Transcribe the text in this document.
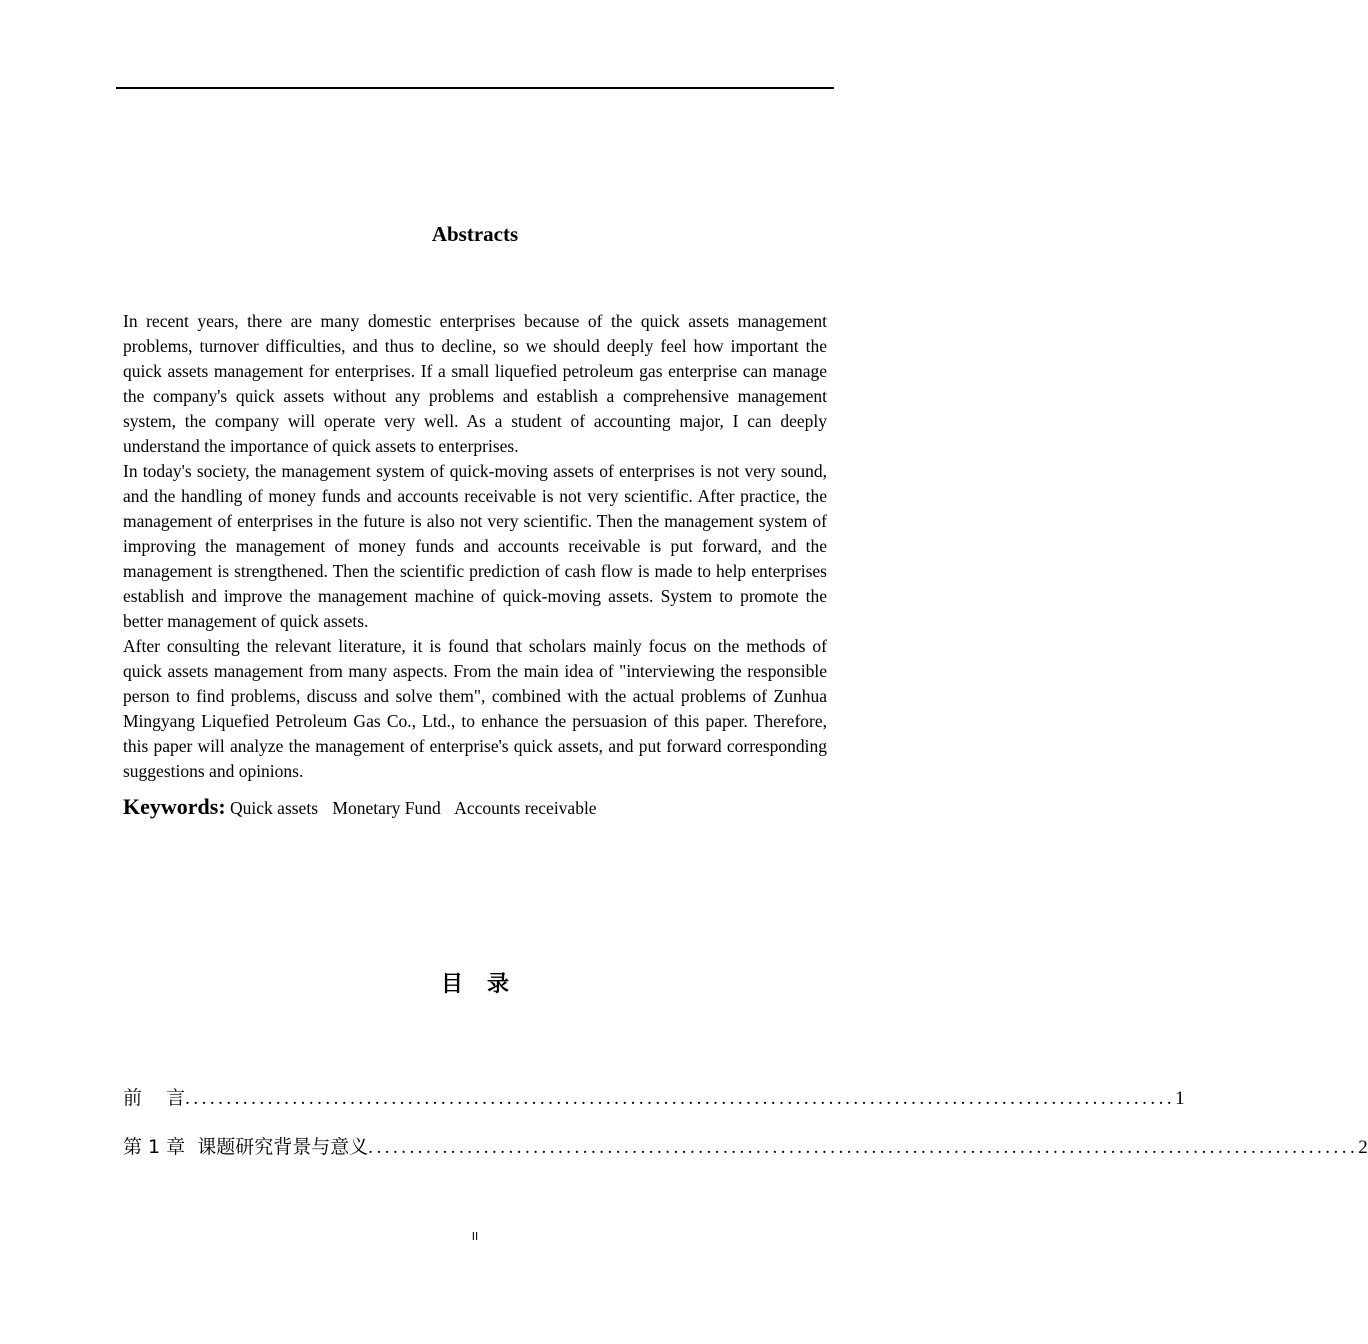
Abstracts

In recent years, there are many domestic enterprises because of the quick assets management problems, turnover difficulties, and thus to decline, so we should deeply feel how important the quick assets management for enterprises. If a small liquefied petroleum gas enterprise can manage the company's quick assets without any problems and establish a comprehensive management system, the company will operate very well. As a student of accounting major, I can deeply understand the importance of quick assets to enterprises.

In today's society, the management system of quick-moving assets of enterprises is not very sound, and the handling of money funds and accounts receivable is not very scientific. After practice, the management of enterprises in the future is also not very scientific. Then the management system of improving the management of money funds and accounts receivable is put forward, and the management is strengthened. Then the scientific prediction of cash flow is made to help enterprises establish and improve the management machine of quick-moving assets. System to promote the better management of quick assets.

After consulting the relevant literature, it is found that scholars mainly focus on the methods of quick assets management from many aspects. From the main idea of "interviewing the responsible person to find problems, discuss and solve them", combined with the actual problems of Zunhua Mingyang Liquefied Petroleum Gas Co., Ltd., to enhance the persuasion of this paper. Therefore, this paper will analyze the management of enterprise's quick assets, and put forward corresponding suggestions and opinions.

Keywords: Quick assets Monetary Fund Accounts receivable
目录
前    言 ........................................................................................................................ 1
第 1 章  课题研究背景与意义 ........................................................................................................................ 2
II
